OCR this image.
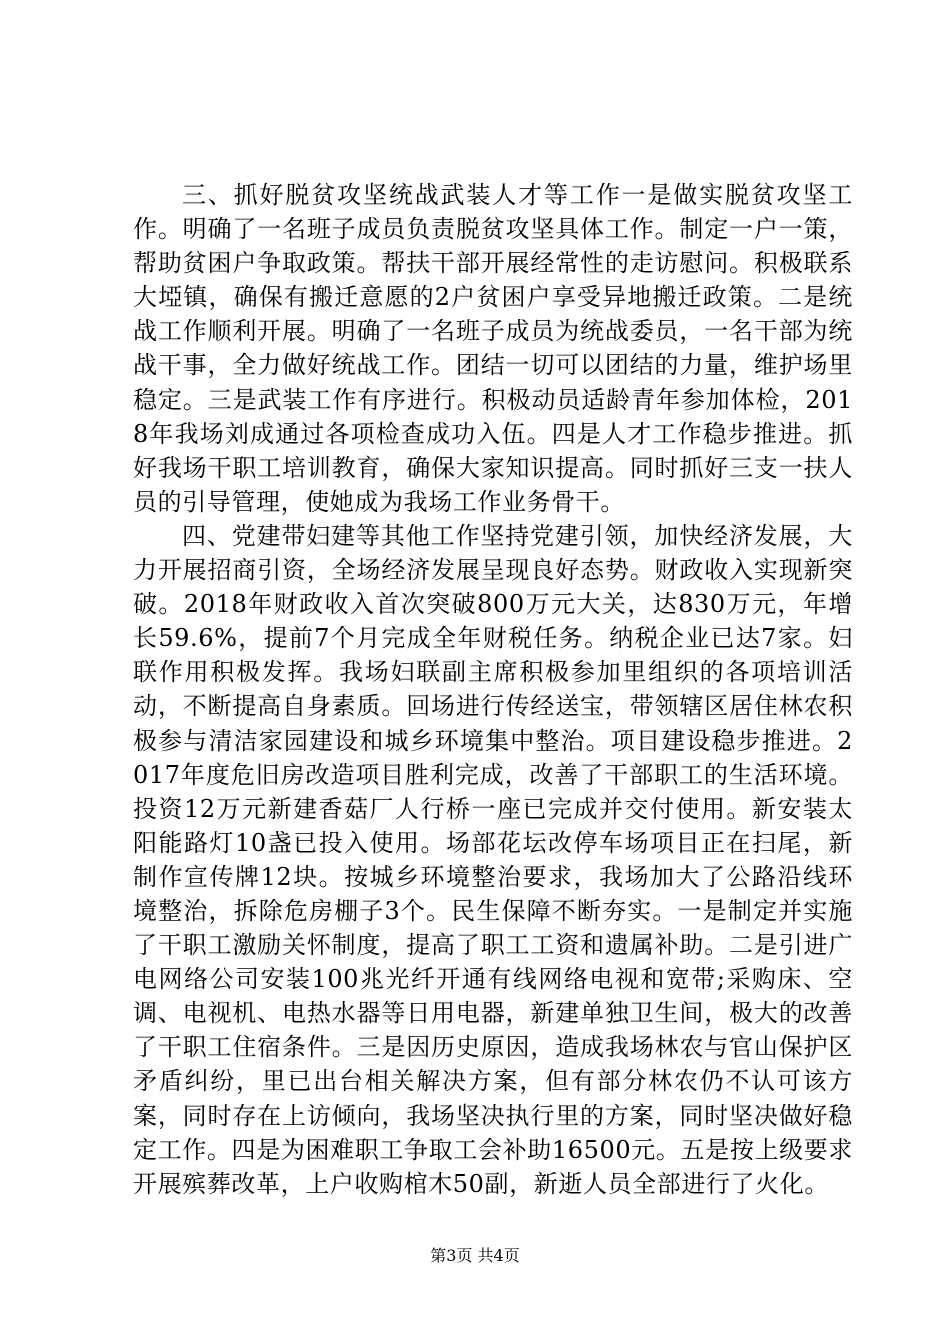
三、抓好脱贫攻坚统战武装人才等工作一是做实脱贫攻坚工作。明确了一名班子成员负责脱贫攻坚具体工作。制定一户一策，帮助贫困户争取政策。帮扶干部开展经常性的走访慰问。积极联系大埡镇，确保有搬迁意愿的2户贫困户享受异地搬迁政策。二是统战工作顺利开展。明确了一名班子成员为统战委员，一名干部为统战干事，全力做好统战工作。团结一切可以团结的力量，维护场里稳定。三是武装工作有序进行。积极动员适龄青年参加体检，2018年我场刘成通过各项检查成功入伍。四是人才工作稳步推进。抓好我场干职工培训教育，确保大家知识提高。同时抓好三支一扶人员的引导管理，使她成为我场工作业务骨干。

四、党建带妇建等其他工作坚持党建引领，加快经济发展，大力开展招商引资，全场经济发展呈现良好态势。财政收入实现新突破。2018年财政收入首次突破800万元大关，达830万元，年增长59.6%，提前7个月完成全年财税任务。纳税企业已达7家。妇联作用积极发挥。我场妇联副主席积极参加里组织的各项培训活动，不断提高自身素质。回场进行传经送宝，带领辖区居住林农积极参与清洁家园建设和城乡环境集中整治。项目建设稳步推进。2017年度危旧房改造项目胜利完成，改善了干部职工的生活环境。投资12万元新建香菇厂人行桥一座已完成并交付使用。新安装太阳能路灯10盏已投入使用。场部花坛改停车场项目正在扫尾，新制作宣传牌12块。按城乡环境整治要求，我场加大了公路沿线环境整治，拆除危房棚子3个。民生保障不断夯实。一是制定并实施了干职工激励关怀制度，提高了职工工资和遗属补助。二是引进广电网络公司安装100兆光纤开通有线网络电视和宽带;采购床、空调、电视机、电热水器等日用电器，新建单独卫生间，极大的改善了干职工住宿条件。三是因历史原因，造成我场林农与官山保护区矛盾纠纷，里已出台相关解决方案，但有部分林农仍不认可该方案，同时存在上访倾向，我场坚决执行里的方案，同时坚决做好稳定工作。四是为困难职工争取工会补助16500元。五是按上级要求开展殡葬改革，上户收购棺木50副，新逝人员全部进行了火化。

第3页 共4页
